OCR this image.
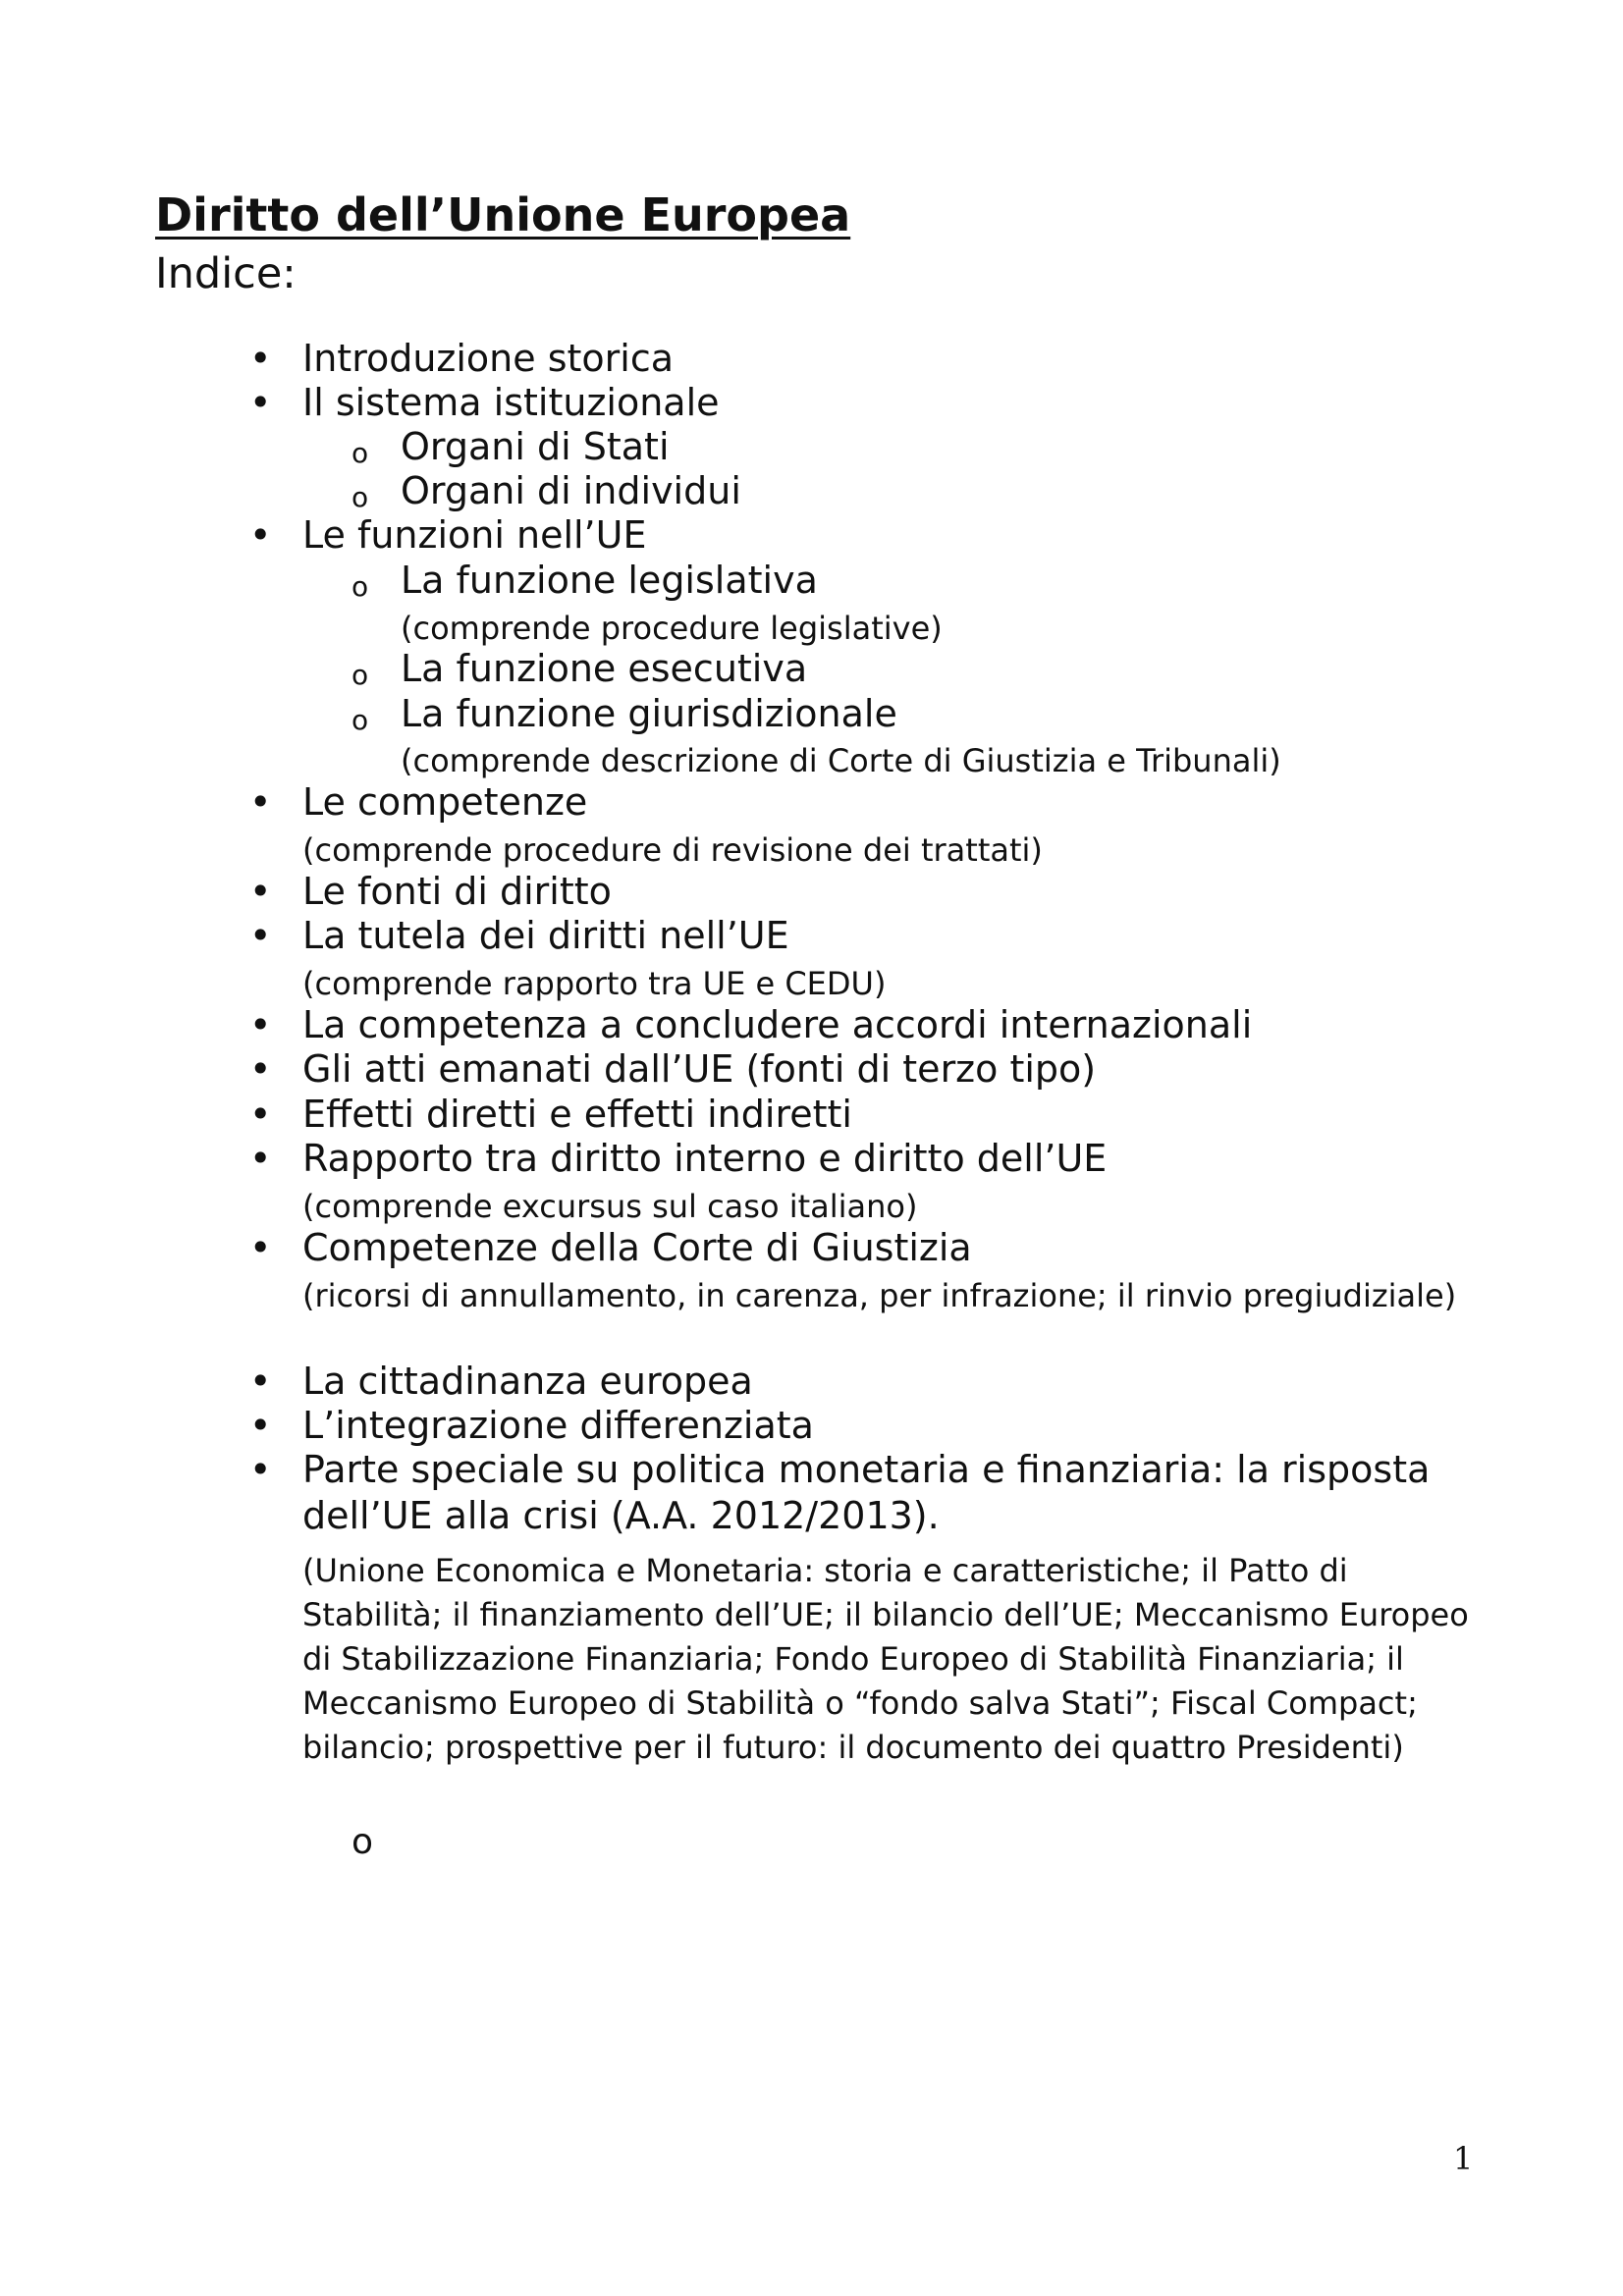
Diritto dell’Unione Europea

Indice:

• Introduzione storica
• Il sistema istituzionale
o Organi di Stati
o Organi di individui
• Le funzioni nell’UE
o La funzione legislativa
(comprende procedure legislative)
o La funzione esecutiva
o La funzione giurisdizionale
(comprende descrizione di Corte di Giustizia e Tribunali)
• Le competenze
(comprende procedure di revisione dei trattati)
• Le fonti di diritto
• La tutela dei diritti nell’UE
(comprende rapporto tra UE e CEDU)
• La competenza a concludere accordi internazionali
• Gli atti emanati dall’UE (fonti di terzo tipo)
• Effetti diretti e effetti indiretti
• Rapporto tra diritto interno e diritto dell’UE
(comprende excursus sul caso italiano)
• Competenze della Corte di Giustizia
(ricorsi di annullamento, in carenza, per infrazione; il rinvio pregiudiziale)
• La cittadinanza europea
• L’integrazione differenziata
• Parte speciale su politica monetaria e finanziaria: la risposta
dell’UE alla crisi (A.A. 2012/2013).
(Unione Economica e Monetaria: storia e caratteristiche; il Patto di Stabilità; il finanziamento dell’UE; il bilancio dell’UE; Meccanismo Europeo di Stabilizzazione Finanziaria; Fondo Europeo di Stabilità Finanziaria; il Meccanismo Europeo di Stabilità o “fondo salva Stati”; Fiscal Compact; bilancio; prospettive per il futuro: il documento dei quattro Presidenti)
o
1
